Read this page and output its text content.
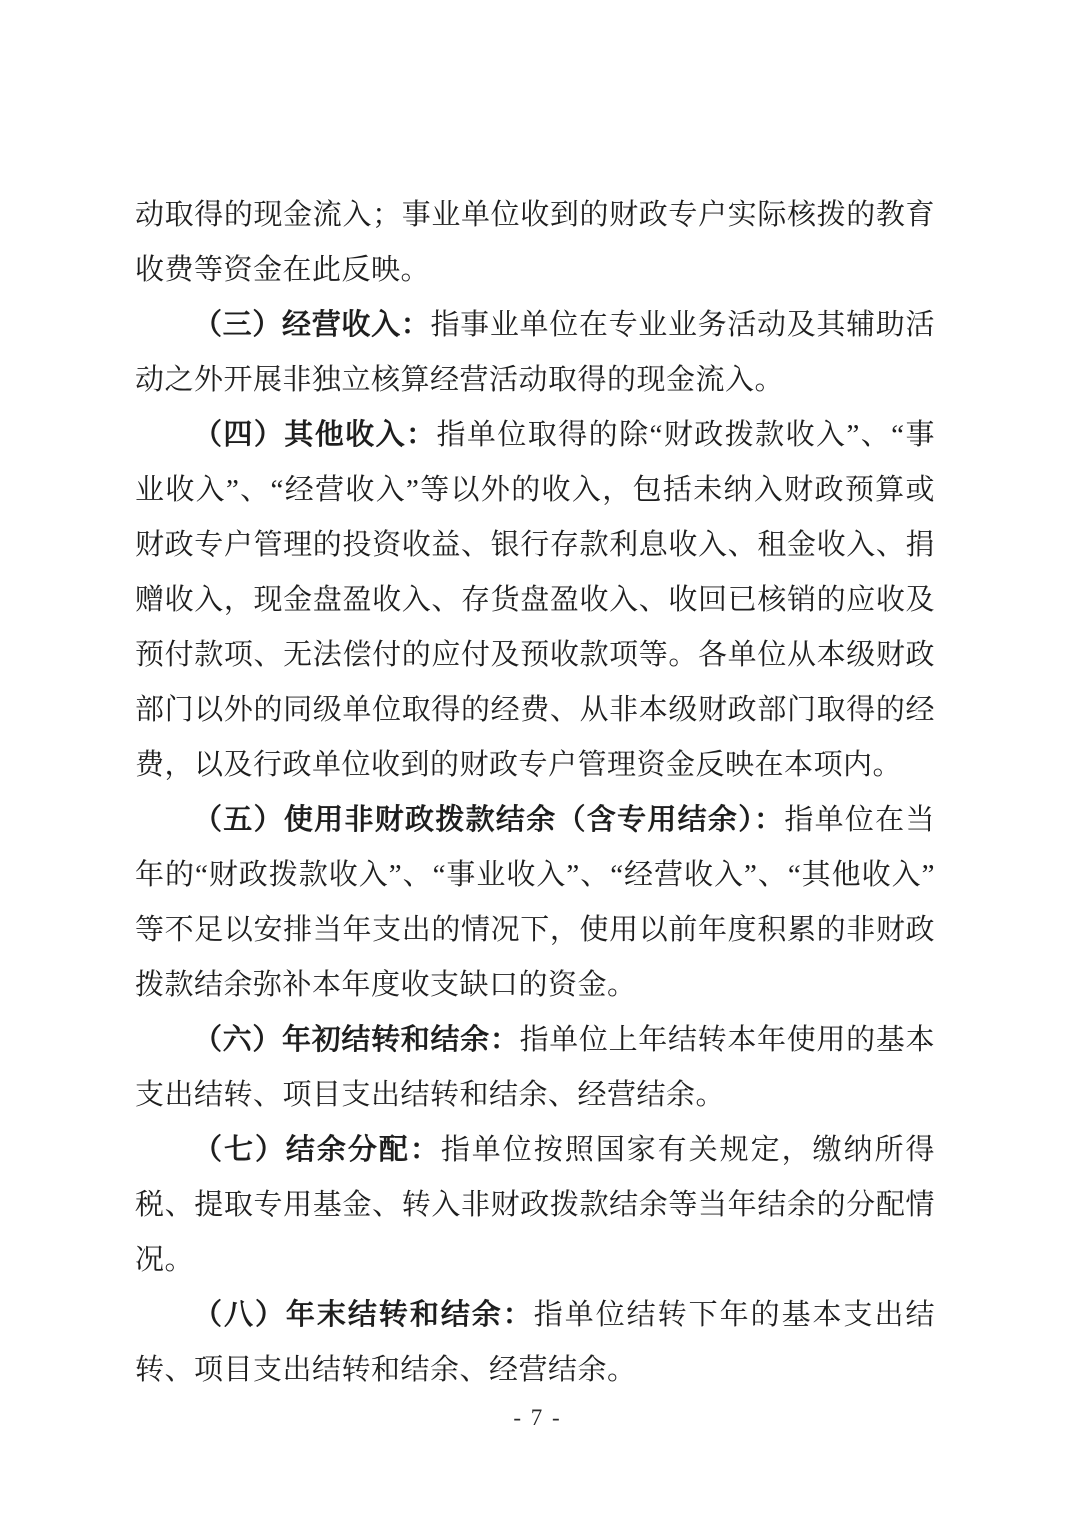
动取得的现金流入；事业单位收到的财政专户实际核拨的教育收费等资金在此反映。

（三）经营收入：指事业单位在专业业务活动及其辅助活动之外开展非独立核算经营活动取得的现金流入。

（四）其他收入：指单位取得的除“财政拨款收入”、“事业收入”、“经营收入”等以外的收入，包括未纳入财政预算或财政专户管理的投资收益、银行存款利息收入、租金收入、捐赠收入，现金盘盈收入、存货盘盈收入、收回已核销的应收及预付款项、无法偿付的应付及预收款项等。各单位从本级财政部门以外的同级单位取得的经费、从非本级财政部门取得的经费，以及行政单位收到的财政专户管理资金反映在本项内。

（五）使用非财政拨款结余（含专用结余）：指单位在当年的“财政拨款收入”、“事业收入”、“经营收入”、“其他收入”等不足以安排当年支出的情况下，使用以前年度积累的非财政拨款结余弥补本年度收支缺口的资金。

（六）年初结转和结余：指单位上年结转本年使用的基本支出结转、项目支出结转和结余、经营结余。

（七）结余分配：指单位按照国家有关规定，缴纳所得税、提取专用基金、转入非财政拨款结余等当年结余的分配情况。

（八）年末结转和结余：指单位结转下年的基本支出结转、项目支出结转和结余、经营结余。

- 7 -
